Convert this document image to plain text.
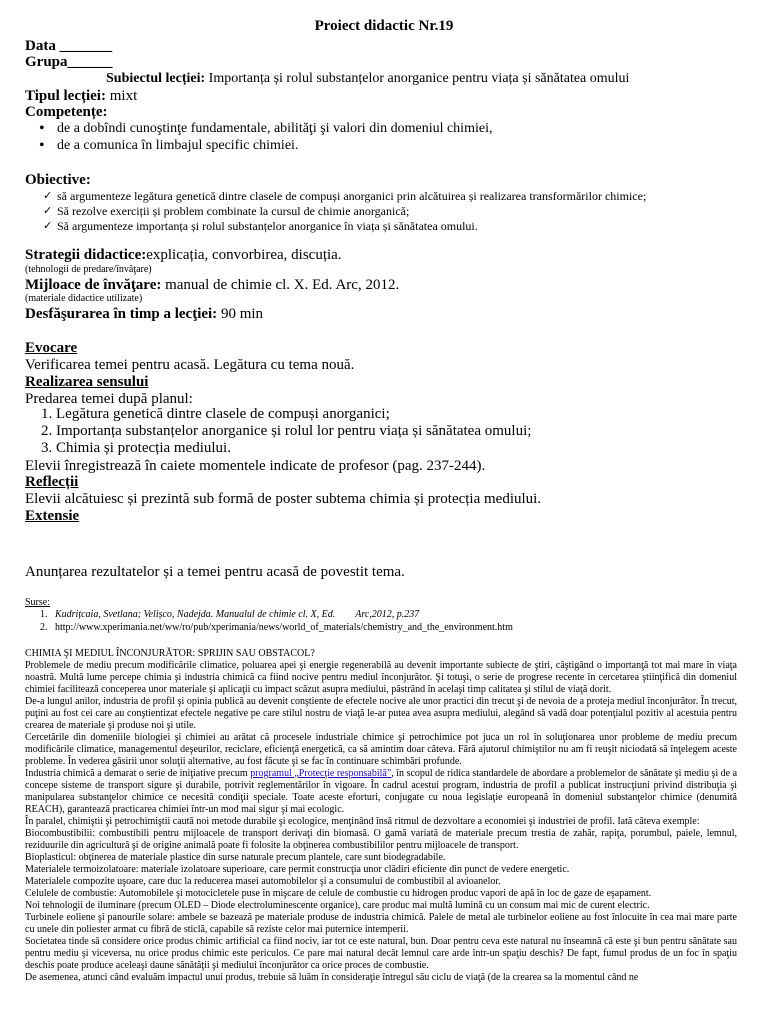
Proiect didactic Nr.19
Data _______
Grupa______
Subiectul lecției: Importanța și rolul substanțelor anorganice pentru viața și sănătatea omului
Tipul lecției: mixt
Competențe:
• de a dobîndi cunoştinţe fundamentale, abilităţi şi valori din domeniul chimiei,
• de a comunica în limbajul specific chimiei.
Obiective:
✓ să argumenteze legătura genetică dintre clasele de compuși anorganici prin alcătuirea și realizarea transformărilor chimice;
✓ Să rezolve exerciții și problem combinate la cursul de chimie anorganică;
✓ Să argumenteze importanța și rolul substanțelor anorganice în viața și sănătatea omului.
Strategii didactice:explicația, convorbirea, discuția.
(tehnologii de predare/învăţare)
Mijloace de învăţare: manual de chimie cl. X. Ed. Arc, 2012.
(materiale didactice utilizate)
Desfăşurarea în timp a lecţiei: 90 min
Evocare
Verificarea temei pentru acasă. Legătura cu tema nouă.
Realizarea sensului
Predarea temei după planul:
1. Legătura genetică dintre clasele de compuși anorganici;
2. Importanța substanțelor anorganice și rolul lor pentru viața și sănătatea omului;
3. Chimia și protecția mediului.
Elevii înregistrează în caiete momentele indicate de profesor (pag. 237-244).
Reflecții
Elevii alcătuiesc și prezintă sub formă de poster subtema chimia și protecția mediului.
Extensie
Anunțarea rezultatelor și a temei pentru acasă de povestit tema.
Surse:
1. Kudrițcaia, Svetlana; Velișco, Nadejda. Manualul de chimie cl. X, Ed. Arc,2012, p.237
2. http://www.xperimania.net/ww/ro/pub/xperimania/news/world_of_materials/chemistry_and_the_environment.htm

CHIMIA ŞI MEDIUL ÎNCONJURĂTOR: SPRIJIN SAU OBSTACOL?

Problemele de mediu precum modificările climatice, poluarea apei şi energie regenerabilă au devenit importante subiecte de ştiri, câştigând o importanţă tot mai mare în viaţa noastră. Multă lume percepe chimia şi industria chimică ca fiind nocive pentru mediul înconjurător. Şi totuşi, o serie de progrese recente în cercetarea ştiinţifică din domeniul chimiei facilitează conceperea unor materiale şi aplicaţii cu impact scăzut asupra mediului, păstrând în acelaşi timp calitatea şi stilul de viaţă dorit.

De-a lungul anilor, industria de profil şi opinia publică au devenit conştiente de efectele nocive ale unor practici din trecut şi de nevoia de a proteja mediul înconjurător. În trecut, puţini au fost cei care au conştientizat efectele negative pe care stilul nostru de viaţă le-ar putea avea asupra mediului, alegând să vadă doar potenţialul pozitiv al acestuia pentru crearea de materiale şi produse noi şi utile.

Cercetările din domeniile biologiei şi chimiei au arătat că procesele industriale chimice şi petrochimice pot juca un rol în soluţionarea unor probleme de mediu precum modificările climatice, managementul deşeurilor, reciclare, eficienţă energetică, ca să amintim doar câteva. Fără ajutorul chimiştilor nu am fi reuşit niciodată să înţelegem aceste probleme. În vederea găsirii unor soluţii alternative, au fost făcute şi se fac în continuare schimbări profunde.

Industria chimică a demarat o serie de iniţiative precum programul „Protecţie responsabilă”, în scopul de ridica standardele de abordare a problemelor de sănătate şi mediu şi de a concepe sisteme de transport sigure şi durabile, potrivit reglementărilor în vigoare. În cadrul acestui program, industria de profil a publicat instrucţiuni privind distribuţia şi manipularea substanţelor chimice ce necesită condiţii speciale. Toate aceste eforturi, conjugate cu noua legislaţie europeană în domeniul substanţelor chimice (denumită REACH), garantează practicarea chimiei într-un mod mai sigur şi mai ecologic.

În paralel, chimiştii şi petrochimiştii caută noi metode durabile şi ecologice, menţinând însă ritmul de dezvoltare a economiei şi industriei de profil. Iată câteva exemple:

Biocombustibilii: combustibili pentru mijloacele de transport derivaţi din biomasă. O gamă variată de materiale precum trestia de zahăr, rapiţa, porumbul, paiele, lemnul, reziduurile din agricultură şi de origine animală poate fi folosite la obţinerea combustibililor pentru mijloacele de transport.

Bioplasticul: obţinerea de materiale plastice din surse naturale precum plantele, care sunt biodegradabile.

Materialele termoizolatoare: materiale izolatoare superioare, care permit construcţia unor clădiri eficiente din punct de vedere energetic.

Materialele compozite uşoare, care duc la reducerea masei automobilelor şi a consumului de combustibil al avioanelor.

Celulele de combustie: Automobilele şi motocicletele puse în mişcare de celule de combustie cu hidrogen produc vapori de apă în loc de gaze de eşapament.

Noi tehnologii de iluminare (precum OLED – Diode electroluminescente organice), care produc mai multă lumină cu un consum mai mic de curent electric.

Turbinele eoliene şi panourile solare: ambele se bazează pe materiale produse de industria chimică. Palele de metal ale turbinelor eoliene au fost înlocuite în cea mai mare parte cu unele din poliester armat cu fibră de sticlă, capabile să reziste celor mai puternice intemperii.

Societatea tinde să considere orice produs chimic artificial ca fiind nociv, iar tot ce este natural, bun. Doar pentru ceva este natural nu înseamnă că este şi bun pentru sănătate sau pentru mediu şi viceversa, nu orice produs chimic este periculos. Ce pare mai natural decât lemnul care arde într-un spaţiu deschis? De fapt, fumul produs de un foc în spaţiu deschis poate produce aceleaşi daune sănătăţii şi mediului înconjurător ca orice proces de combustie.

De asemenea, atunci când evaluăm impactul unui produs, trebuie să luăm în consideraţie întregul său ciclu de viaţă (de la crearea sa la momentul când ne
